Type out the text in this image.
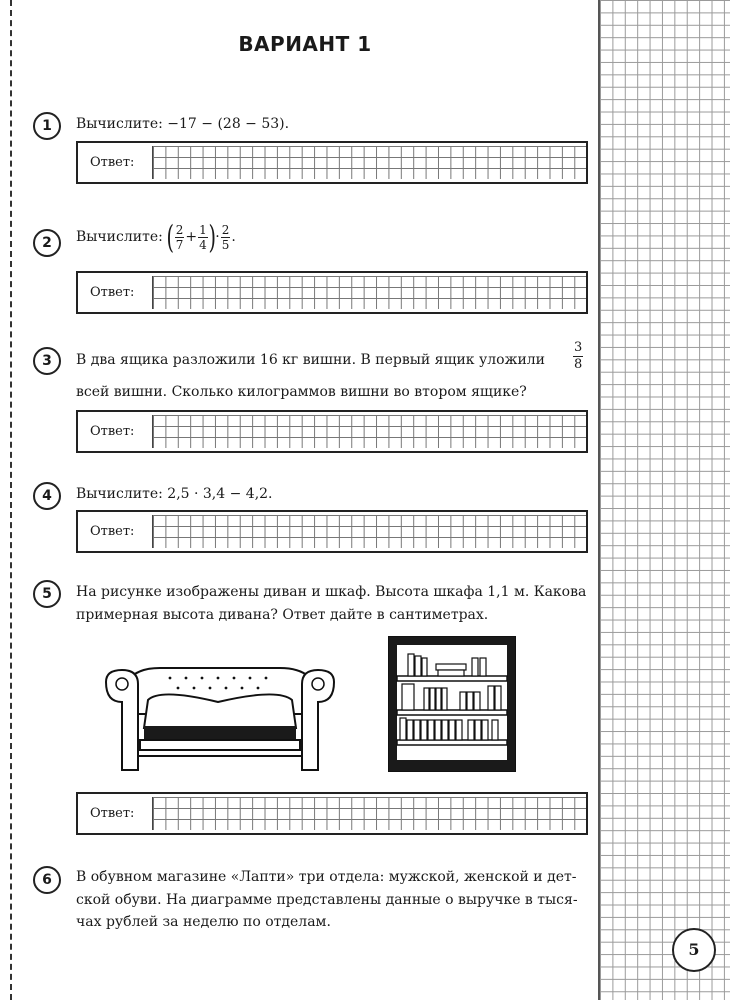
ВАРИАНТ 1
1	Вычислите: −17 − (28 − 53).
Ответ:
2	Вычислите: ( $\frac{2}{7} + \frac{1}{4}$ )· $\frac{2}{5}$ .
Ответ:
3	В два ящика разложили 16 кг вишни. В первый ящик уложили $\frac{3}{8}$
всей вишни. Сколько килограммов вишни во втором ящике?
Ответ:
4	Вычислите: 2,5 · 3,4 − 4,2.
Ответ:
5	На рисунке изображены диван и шкаф. Высота шкафа 1,1 м. Какова
примерная высота дивана? Ответ дайте в сантиметрах.
Ответ:
6	В обувном магазине «Лапти» три отдела: мужской, женской и дет-
ской обуви. На диаграмме представлены данные о выручке в тыся-
чах рублей за неделю по отделам.
5
